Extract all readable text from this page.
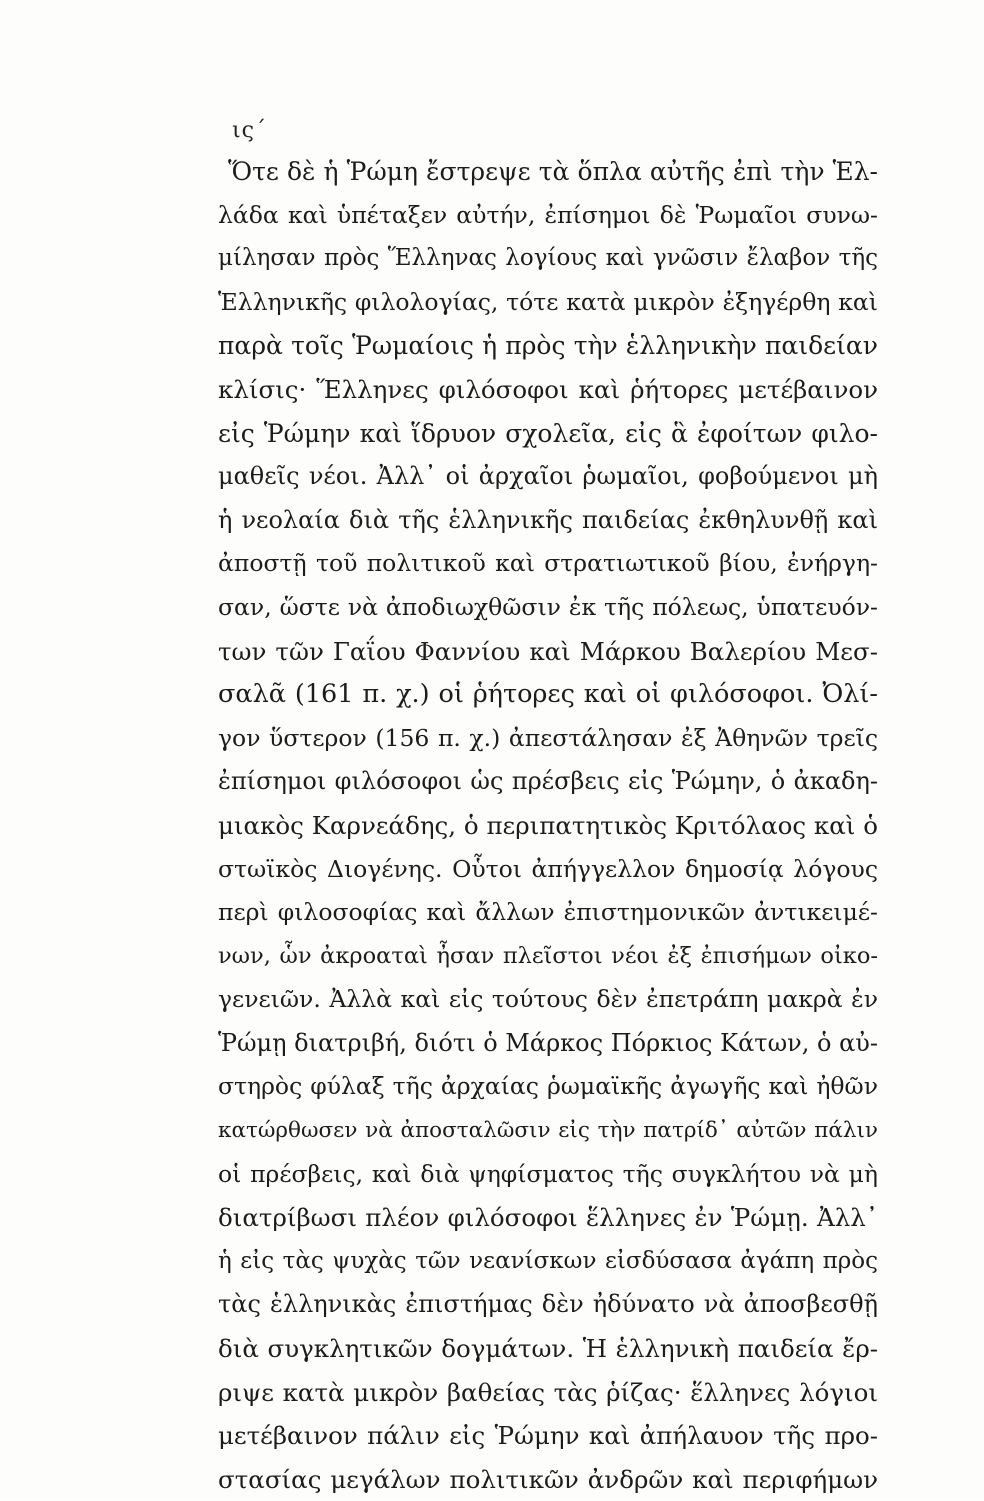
ις΄
Ὅτε δὲ ἡ Ῥώμη ἔστρεψε τὰ ὅπλα αὐτῆς ἐπὶ τὴν Ἑλ-
λάδα καὶ ὑπέταξεν αὐτήν, ἐπίσημοι δὲ Ῥωμαῖοι συνω-
μίλησαν πρὸς Ἕλληνας λογίους καὶ γνῶσιν ἔλαβον τῆς
Ἑλληνικῆς φιλολογίας, τότε κατὰ μικρὸν ἐξηγέρθη καὶ
παρὰ τοῖς Ῥωμαίοις ἡ πρὸς τὴν ἑλληνικὴν παιδείαν
κλίσις· Ἕλληνες φιλόσοφοι καὶ ῥήτορες μετέβαινον
εἰς Ῥώμην καὶ ἵδρυον σχολεῖα, εἰς ἃ ἐφοίτων φιλο-
μαθεῖς νέοι. Ἀλλ᾽ οἱ ἀρχαῖοι ῥωμαῖοι, φοβούμενοι μὴ
ἡ νεολαία διὰ τῆς ἑλληνικῆς παιδείας ἐκθηλυνθῇ καὶ
ἀποστῇ τοῦ πολιτικοῦ καὶ στρατιωτικοῦ βίου, ἐνήργη-
σαν, ὥστε νὰ ἀποδιωχθῶσιν ἐκ τῆς πόλεως, ὑπατευόν-
των τῶν Γαΐου Φαννίου καὶ Μάρκου Βαλερίου Μεσ-
σαλᾶ (161 π. χ.) οἱ ῥήτορες καὶ οἱ φιλόσοφοι. Ὀλί-
γον ὕστερον (156 π. χ.) ἀπεστάλησαν ἐξ Ἀθηνῶν τρεῖς
ἐπίσημοι φιλόσοφοι ὡς πρέσβεις εἰς Ῥώμην, ὁ ἀκαδη-
μιακὸς Καρνεάδης, ὁ περιπατητικὸς Κριτόλαος καὶ ὁ
στωϊκὸς Διογένης. Οὗτοι ἀπήγγελλον δημοσίᾳ λόγους
περὶ φιλοσοφίας καὶ ἄλλων ἐπιστημονικῶν ἀντικειμέ-
νων, ὧν ἀκροαταὶ ἦσαν πλεῖστοι νέοι ἐξ ἐπισήμων οἰκο-
γενειῶν. Ἀλλὰ καὶ εἰς τούτους δὲν ἐπετράπη μακρὰ ἐν
Ῥώμῃ διατριβή, διότι ὁ Μάρκος Πόρκιος Κάτων, ὁ αὐ-
στηρὸς φύλαξ τῆς ἀρχαίας ῥωμαϊκῆς ἀγωγῆς καὶ ἠθῶν
κατώρθωσεν νὰ ἀποσταλῶσιν εἰς τὴν πατρίδ᾽ αὐτῶν πάλιν
οἱ πρέσβεις, καὶ διὰ ψηφίσματος τῆς συγκλήτου νὰ μὴ
διατρίβωσι πλέον φιλόσοφοι ἕλληνες ἐν Ῥώμῃ. Ἀλλ᾽
ἡ εἰς τὰς ψυχὰς τῶν νεανίσκων εἰσδύσασα ἀγάπη πρὸς
τὰς ἑλληνικὰς ἐπιστήμας δὲν ἠδύνατο νὰ ἀποσβεσθῇ
διὰ συγκλητικῶν δογμάτων. Ἡ ἑλληνικὴ παιδεία ἔρ-
ριψε κατὰ μικρὸν βαθείας τὰς ῥίζας· ἕλληνες λόγιοι
μετέβαινον πάλιν εἰς Ῥώμην καὶ ἀπήλαυον τῆς προ-
στασίας μεγάλων πολιτικῶν ἀνδρῶν καὶ περιφήμων
